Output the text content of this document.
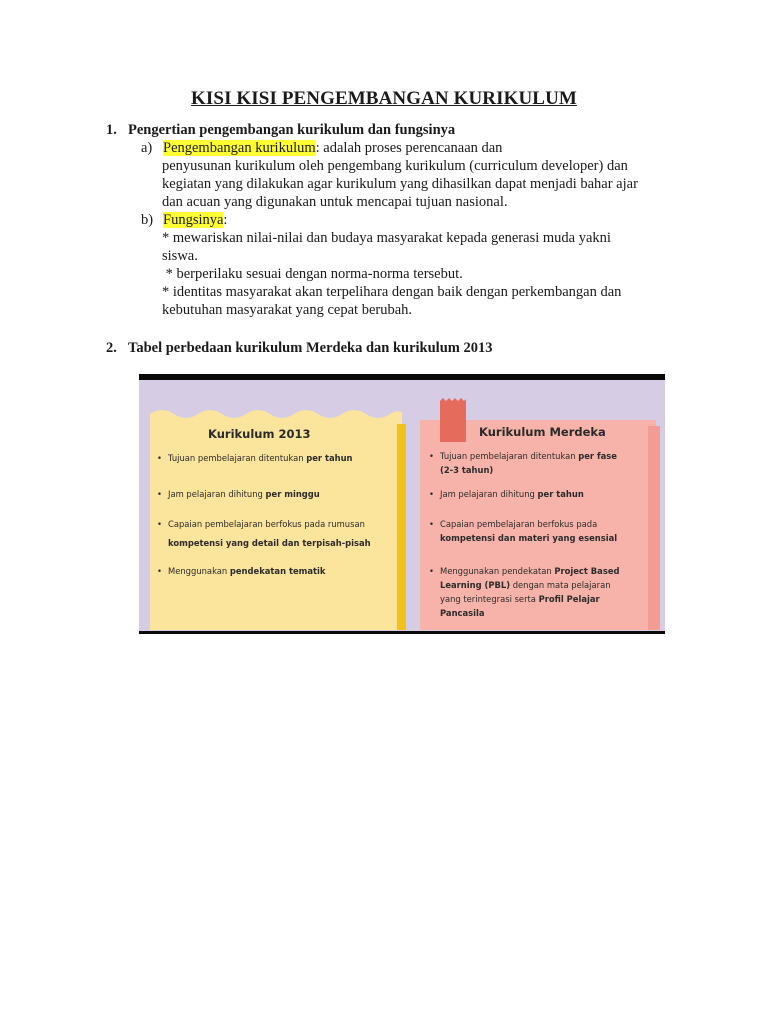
KISI KISI PENGEMBANGAN KURIKULUM
1. Pengertian pengembangan kurikulum dan fungsinya
a) Pengembangan kurikulum: adalah proses perencanaan dan
penyusunan kurikulum oleh pengembang kurikulum (curriculum developer) dan
kegiatan yang dilakukan agar kurikulum yang dihasilkan dapat menjadi bahar ajar
dan acuan yang digunakan untuk mencapai tujuan nasional.
b) Fungsinya:
* mewariskan nilai-nilai dan budaya masyarakat kepada generasi muda yakni
siswa.
* berperilaku sesuai dengan norma-norma tersebut.
* identitas masyarakat akan terpelihara dengan baik dengan perkembangan dan
kebutuhan masyarakat yang cepat berubah.
2. Tabel perbedaan kurikulum Merdeka dan kurikulum 2013
Kurikulum 2013
• Tujuan pembelajaran ditentukan per tahun
• Jam pelajaran dihitung per minggu
• Capaian pembelajaran berfokus pada rumusan
kompetensi yang detail dan terpisah-pisah
• Menggunakan pendekatan tematik
Kurikulum Merdeka
• Tujuan pembelajaran ditentukan per fase
(2-3 tahun)
• Jam pelajaran dihitung per tahun
• Capaian pembelajaran berfokus pada
kompetensi dan materi yang esensial
• Menggunakan pendekatan Project Based
Learning (PBL) dengan mata pelajaran
yang terintegrasi serta Profil Pelajar
Pancasila
